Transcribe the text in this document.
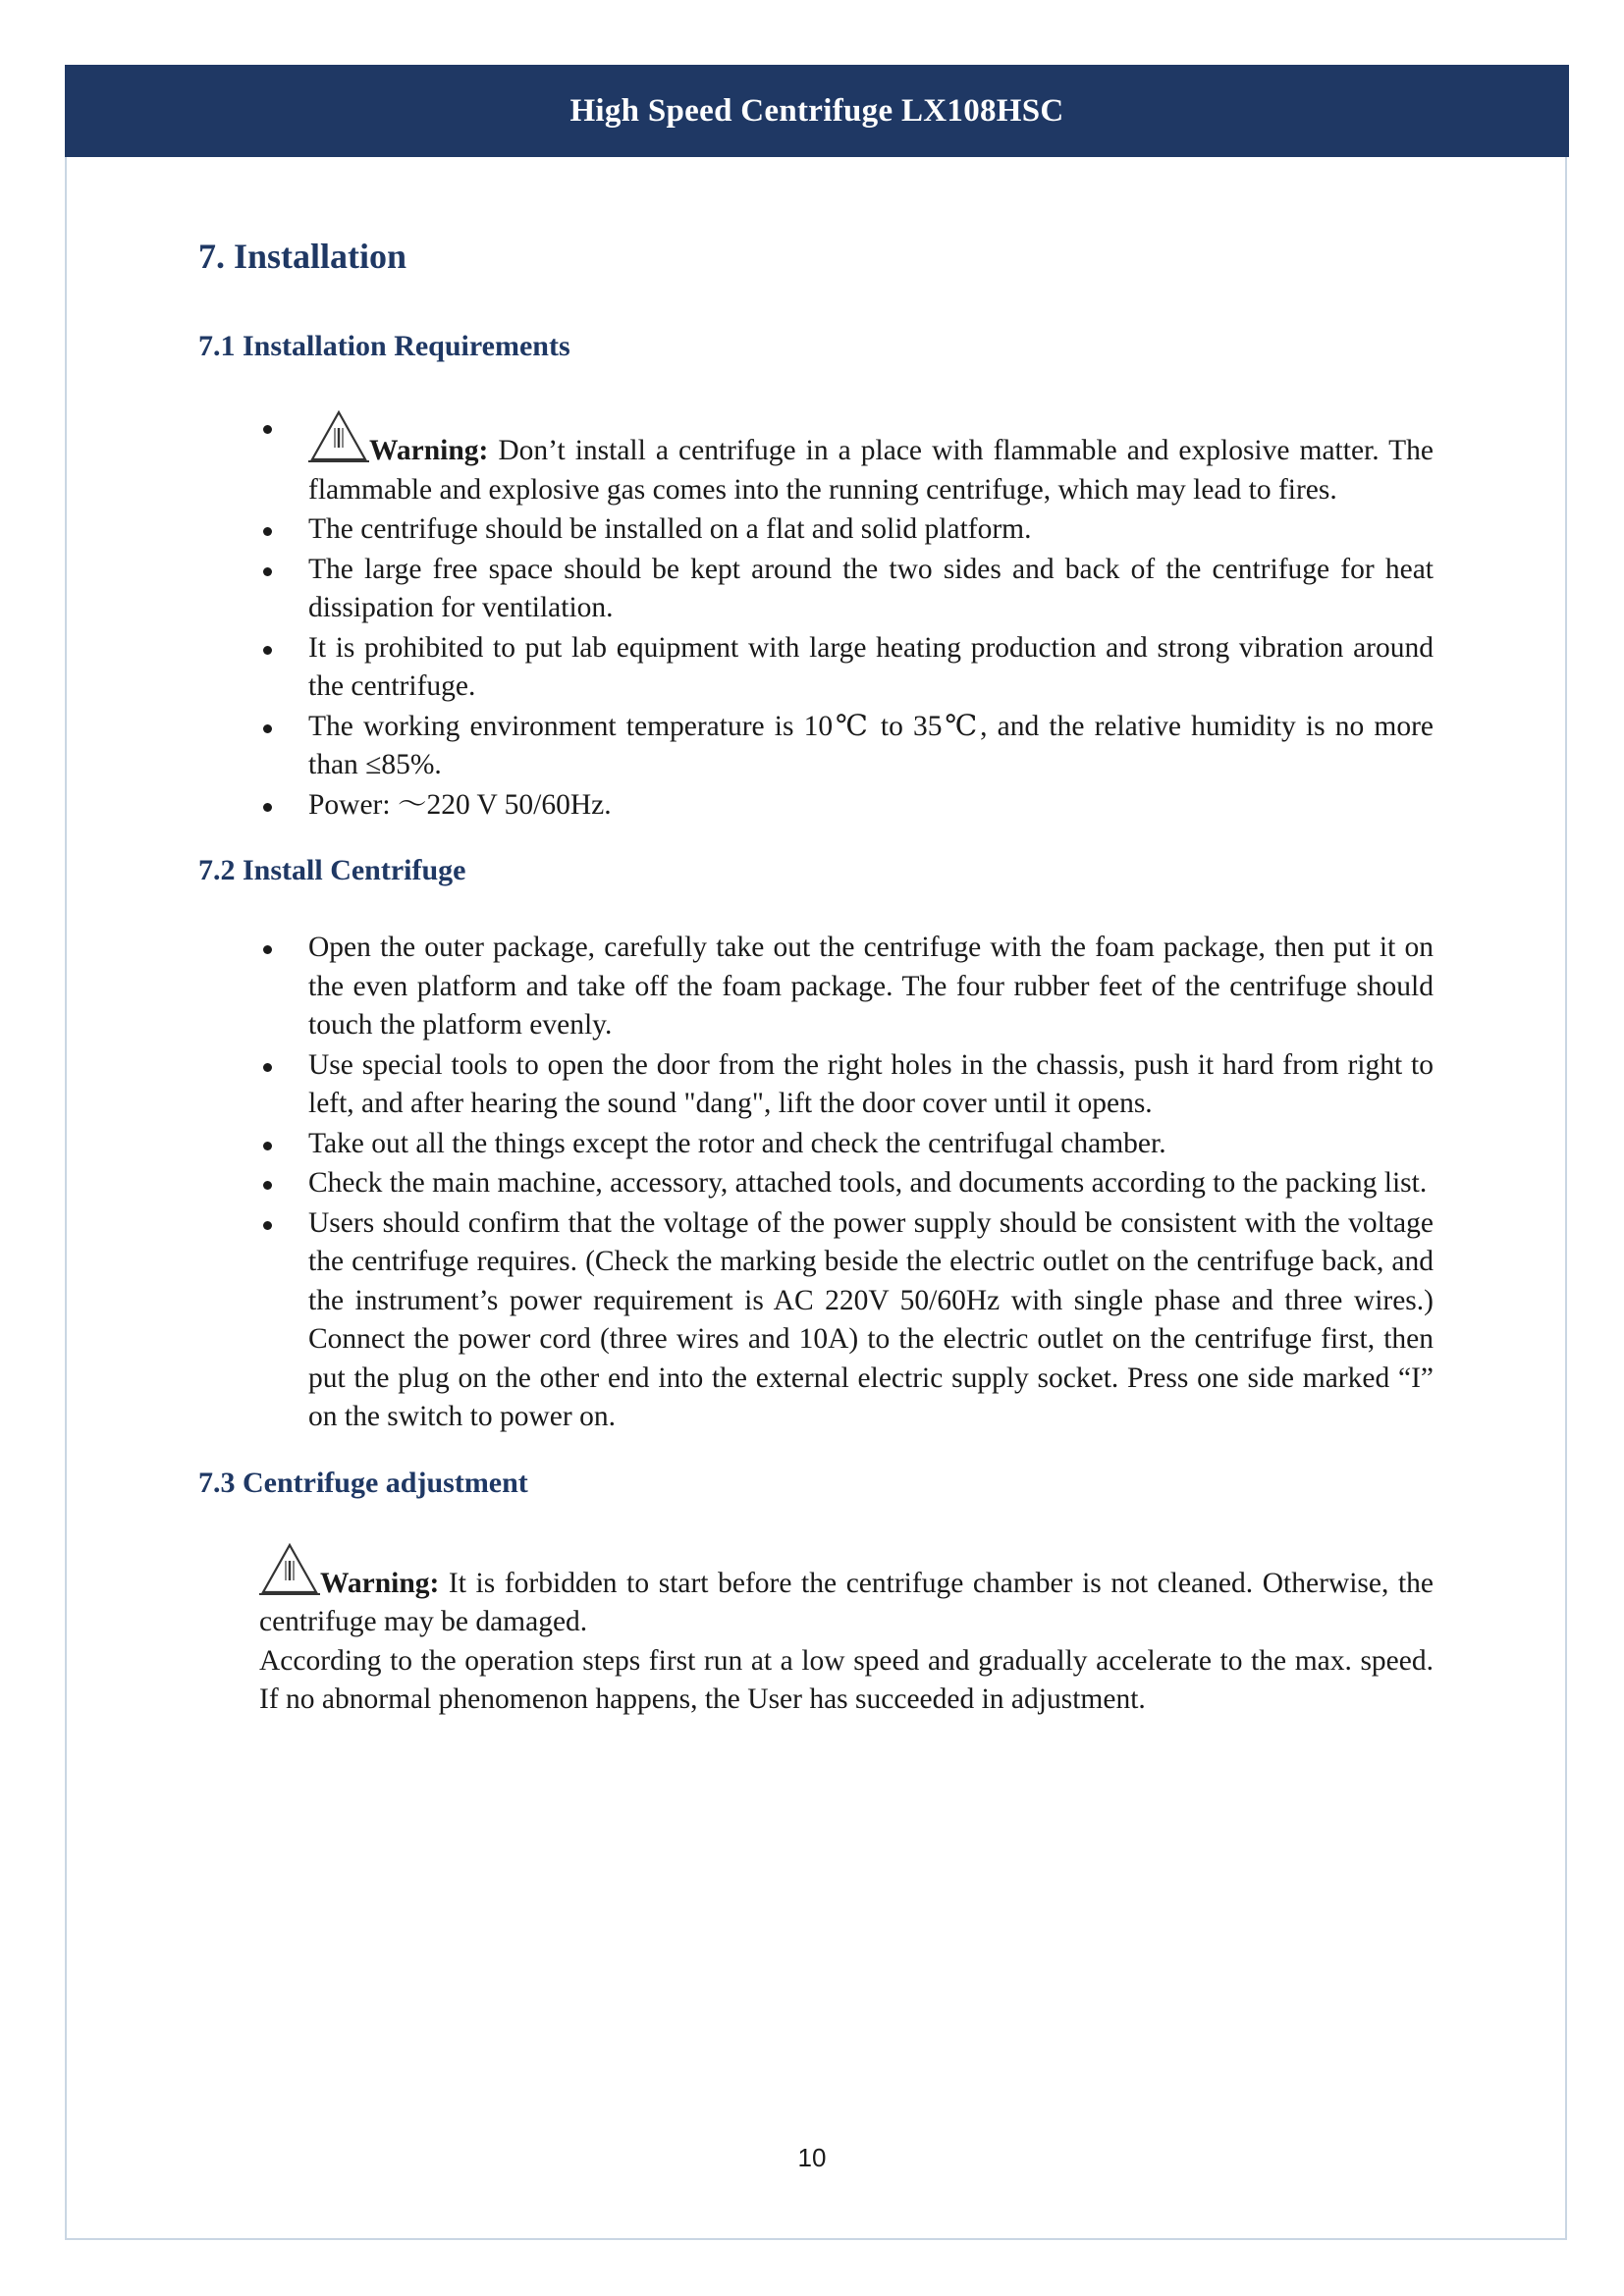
High Speed Centrifuge LX108HSC
7. Installation
7.1 Installation Requirements
Warning: Don’t install a centrifuge in a place with flammable and explosive matter. The flammable and explosive gas comes into the running centrifuge, which may lead to fires.
The centrifuge should be installed on a flat and solid platform.
The large free space should be kept around the two sides and back of the centrifuge for heat dissipation for ventilation.
It is prohibited to put lab equipment with large heating production and strong vibration around the centrifuge.
The working environment temperature is 10℃ to 35℃, and the relative humidity is no more than ≤85%.
Power: ～220 V 50/60Hz.
7.2 Install Centrifuge
Open the outer package, carefully take out the centrifuge with the foam package, then put it on the even platform and take off the foam package. The four rubber feet of the centrifuge should touch the platform evenly.
Use special tools to open the door from the right holes in the chassis, push it hard from right to left, and after hearing the sound "dang", lift the door cover until it opens.
Take out all the things except the rotor and check the centrifugal chamber.
Check the main machine, accessory, attached tools, and documents according to the packing list.
Users should confirm that the voltage of the power supply should be consistent with the voltage the centrifuge requires. (Check the marking beside the electric outlet on the centrifuge back, and the instrument’s power requirement is AC 220V 50/60Hz with single phase and three wires.) Connect the power cord (three wires and 10A) to the electric outlet on the centrifuge first, then put the plug on the other end into the external electric supply socket. Press one side marked “I” on the switch to power on.
7.3 Centrifuge adjustment
Warning: It is forbidden to start before the centrifuge chamber is not cleaned. Otherwise, the centrifuge may be damaged.
According to the operation steps first run at a low speed and gradually accelerate to the max. speed. If no abnormal phenomenon happens, the User has succeeded in adjustment.
10
